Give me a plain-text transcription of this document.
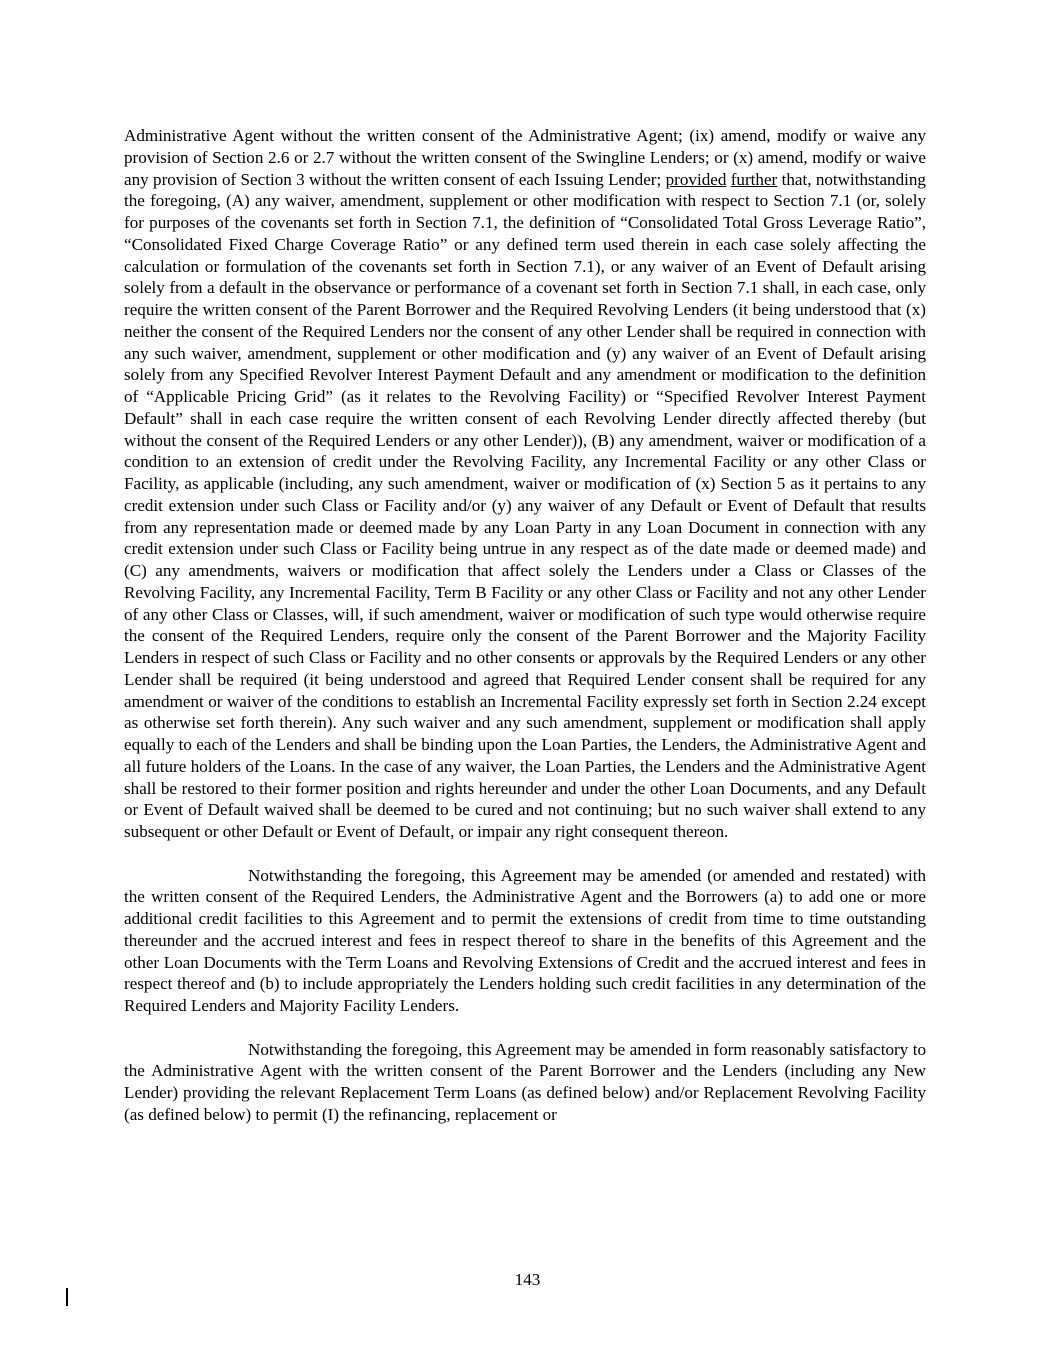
Administrative Agent without the written consent of the Administrative Agent; (ix) amend, modify or waive any provision of Section 2.6 or 2.7 without the written consent of the Swingline Lenders; or (x) amend, modify or waive any provision of Section 3 without the written consent of each Issuing Lender; provided further that, notwithstanding the foregoing, (A) any waiver, amendment, supplement or other modification with respect to Section 7.1 (or, solely for purposes of the covenants set forth in Section 7.1, the definition of “Consolidated Total Gross Leverage Ratio”, “Consolidated Fixed Charge Coverage Ratio” or any defined term used therein in each case solely affecting the calculation or formulation of the covenants set forth in Section 7.1), or any waiver of an Event of Default arising solely from a default in the observance or performance of a covenant set forth in Section 7.1 shall, in each case, only require the written consent of the Parent Borrower and the Required Revolving Lenders (it being understood that (x) neither the consent of the Required Lenders nor the consent of any other Lender shall be required in connection with any such waiver, amendment, supplement or other modification and (y) any waiver of an Event of Default arising solely from any Specified Revolver Interest Payment Default and any amendment or modification to the definition of “Applicable Pricing Grid” (as it relates to the Revolving Facility) or “Specified Revolver Interest Payment Default” shall in each case require the written consent of each Revolving Lender directly affected thereby (but without the consent of the Required Lenders or any other Lender)), (B) any amendment, waiver or modification of a condition to an extension of credit under the Revolving Facility, any Incremental Facility or any other Class or Facility, as applicable (including, any such amendment, waiver or modification of (x) Section 5 as it pertains to any credit extension under such Class or Facility and/or (y) any waiver of any Default or Event of Default that results from any representation made or deemed made by any Loan Party in any Loan Document in connection with any credit extension under such Class or Facility being untrue in any respect as of the date made or deemed made) and (C) any amendments, waivers or modification that affect solely the Lenders under a Class or Classes of the Revolving Facility, any Incremental Facility, Term B Facility or any other Class or Facility and not any other Lender of any other Class or Classes, will, if such amendment, waiver or modification of such type would otherwise require the consent of the Required Lenders, require only the consent of the Parent Borrower and the Majority Facility Lenders in respect of such Class or Facility and no other consents or approvals by the Required Lenders or any other Lender shall be required (it being understood and agreed that Required Lender consent shall be required for any amendment or waiver of the conditions to establish an Incremental Facility expressly set forth in Section 2.24 except as otherwise set forth therein). Any such waiver and any such amendment, supplement or modification shall apply equally to each of the Lenders and shall be binding upon the Loan Parties, the Lenders, the Administrative Agent and all future holders of the Loans. In the case of any waiver, the Loan Parties, the Lenders and the Administrative Agent shall be restored to their former position and rights hereunder and under the other Loan Documents, and any Default or Event of Default waived shall be deemed to be cured and not continuing; but no such waiver shall extend to any subsequent or other Default or Event of Default, or impair any right consequent thereon.

Notwithstanding the foregoing, this Agreement may be amended (or amended and restated) with the written consent of the Required Lenders, the Administrative Agent and the Borrowers (a) to add one or more additional credit facilities to this Agreement and to permit the extensions of credit from time to time outstanding thereunder and the accrued interest and fees in respect thereof to share in the benefits of this Agreement and the other Loan Documents with the Term Loans and Revolving Extensions of Credit and the accrued interest and fees in respect thereof and (b) to include appropriately the Lenders holding such credit facilities in any determination of the Required Lenders and Majority Facility Lenders.

Notwithstanding the foregoing, this Agreement may be amended in form reasonably satisfactory to the Administrative Agent with the written consent of the Parent Borrower and the Lenders (including any New Lender) providing the relevant Replacement Term Loans (as defined below) and/or Replacement Revolving Facility (as defined below) to permit (I) the refinancing, replacement or

143
